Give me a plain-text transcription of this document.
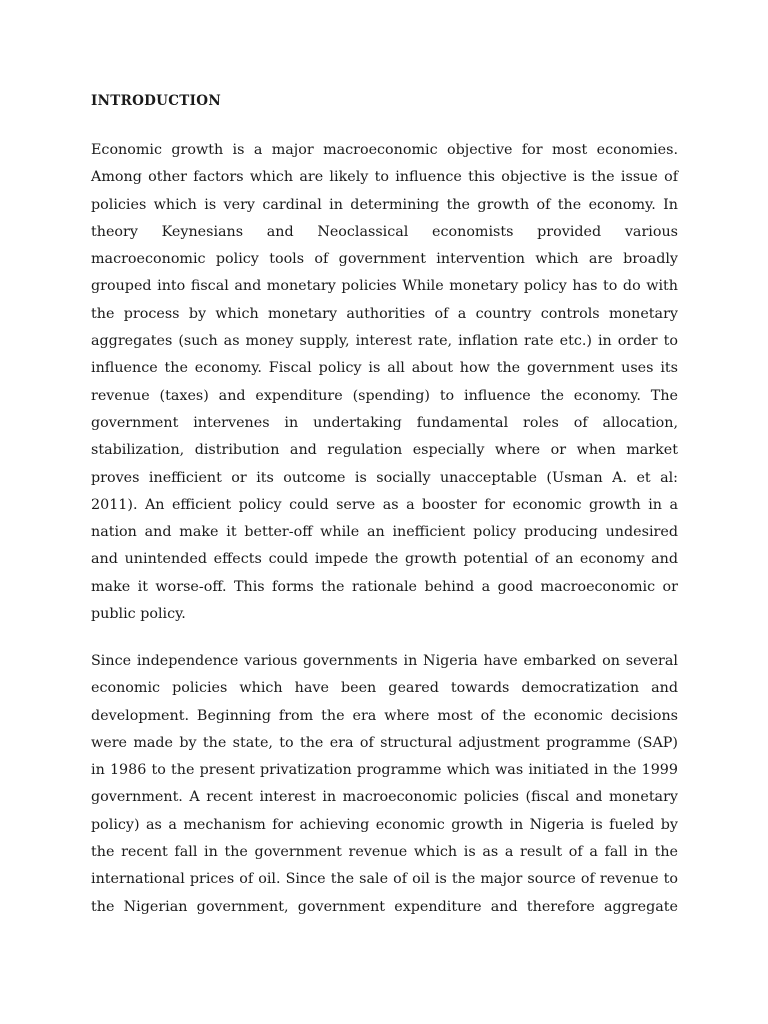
INTRODUCTION
Economic growth is a major macroeconomic objective for most economies.
Among other factors which are likely to influence this objective is the issue of
policies which is very cardinal in determining the growth of the economy. In
theory Keynesians and Neoclassical economists provided various
macroeconomic policy tools of government intervention which are broadly
grouped into fiscal and monetary policies While monetary policy has to do with
the process by which monetary authorities of a country controls monetary
aggregates (such as money supply, interest rate, inflation rate etc.) in order to
influence the economy. Fiscal policy is all about how the government uses its
revenue (taxes) and expenditure (spending) to influence the economy. The
government intervenes in undertaking fundamental roles of allocation,
stabilization, distribution and regulation especially where or when market
proves inefficient or its outcome is socially unacceptable (Usman A. et al:
2011). An efficient policy could serve as a booster for economic growth in a
nation and make it better-off while an inefficient policy producing undesired
and unintended effects could impede the growth potential of an economy and
make it worse-off. This forms the rationale behind a good macroeconomic or
public policy.
Since independence various governments in Nigeria have embarked on several
economic policies which have been geared towards democratization and
development. Beginning from the era where most of the economic decisions
were made by the state, to the era of structural adjustment programme (SAP)
in 1986 to the present privatization programme which was initiated in the 1999
government. A recent interest in macroeconomic policies (fiscal and monetary
policy) as a mechanism for achieving economic growth in Nigeria is fueled by
the recent fall in the government revenue which is as a result of a fall in the
international prices of oil. Since the sale of oil is the major source of revenue to
the Nigerian government, government expenditure and therefore aggregate
